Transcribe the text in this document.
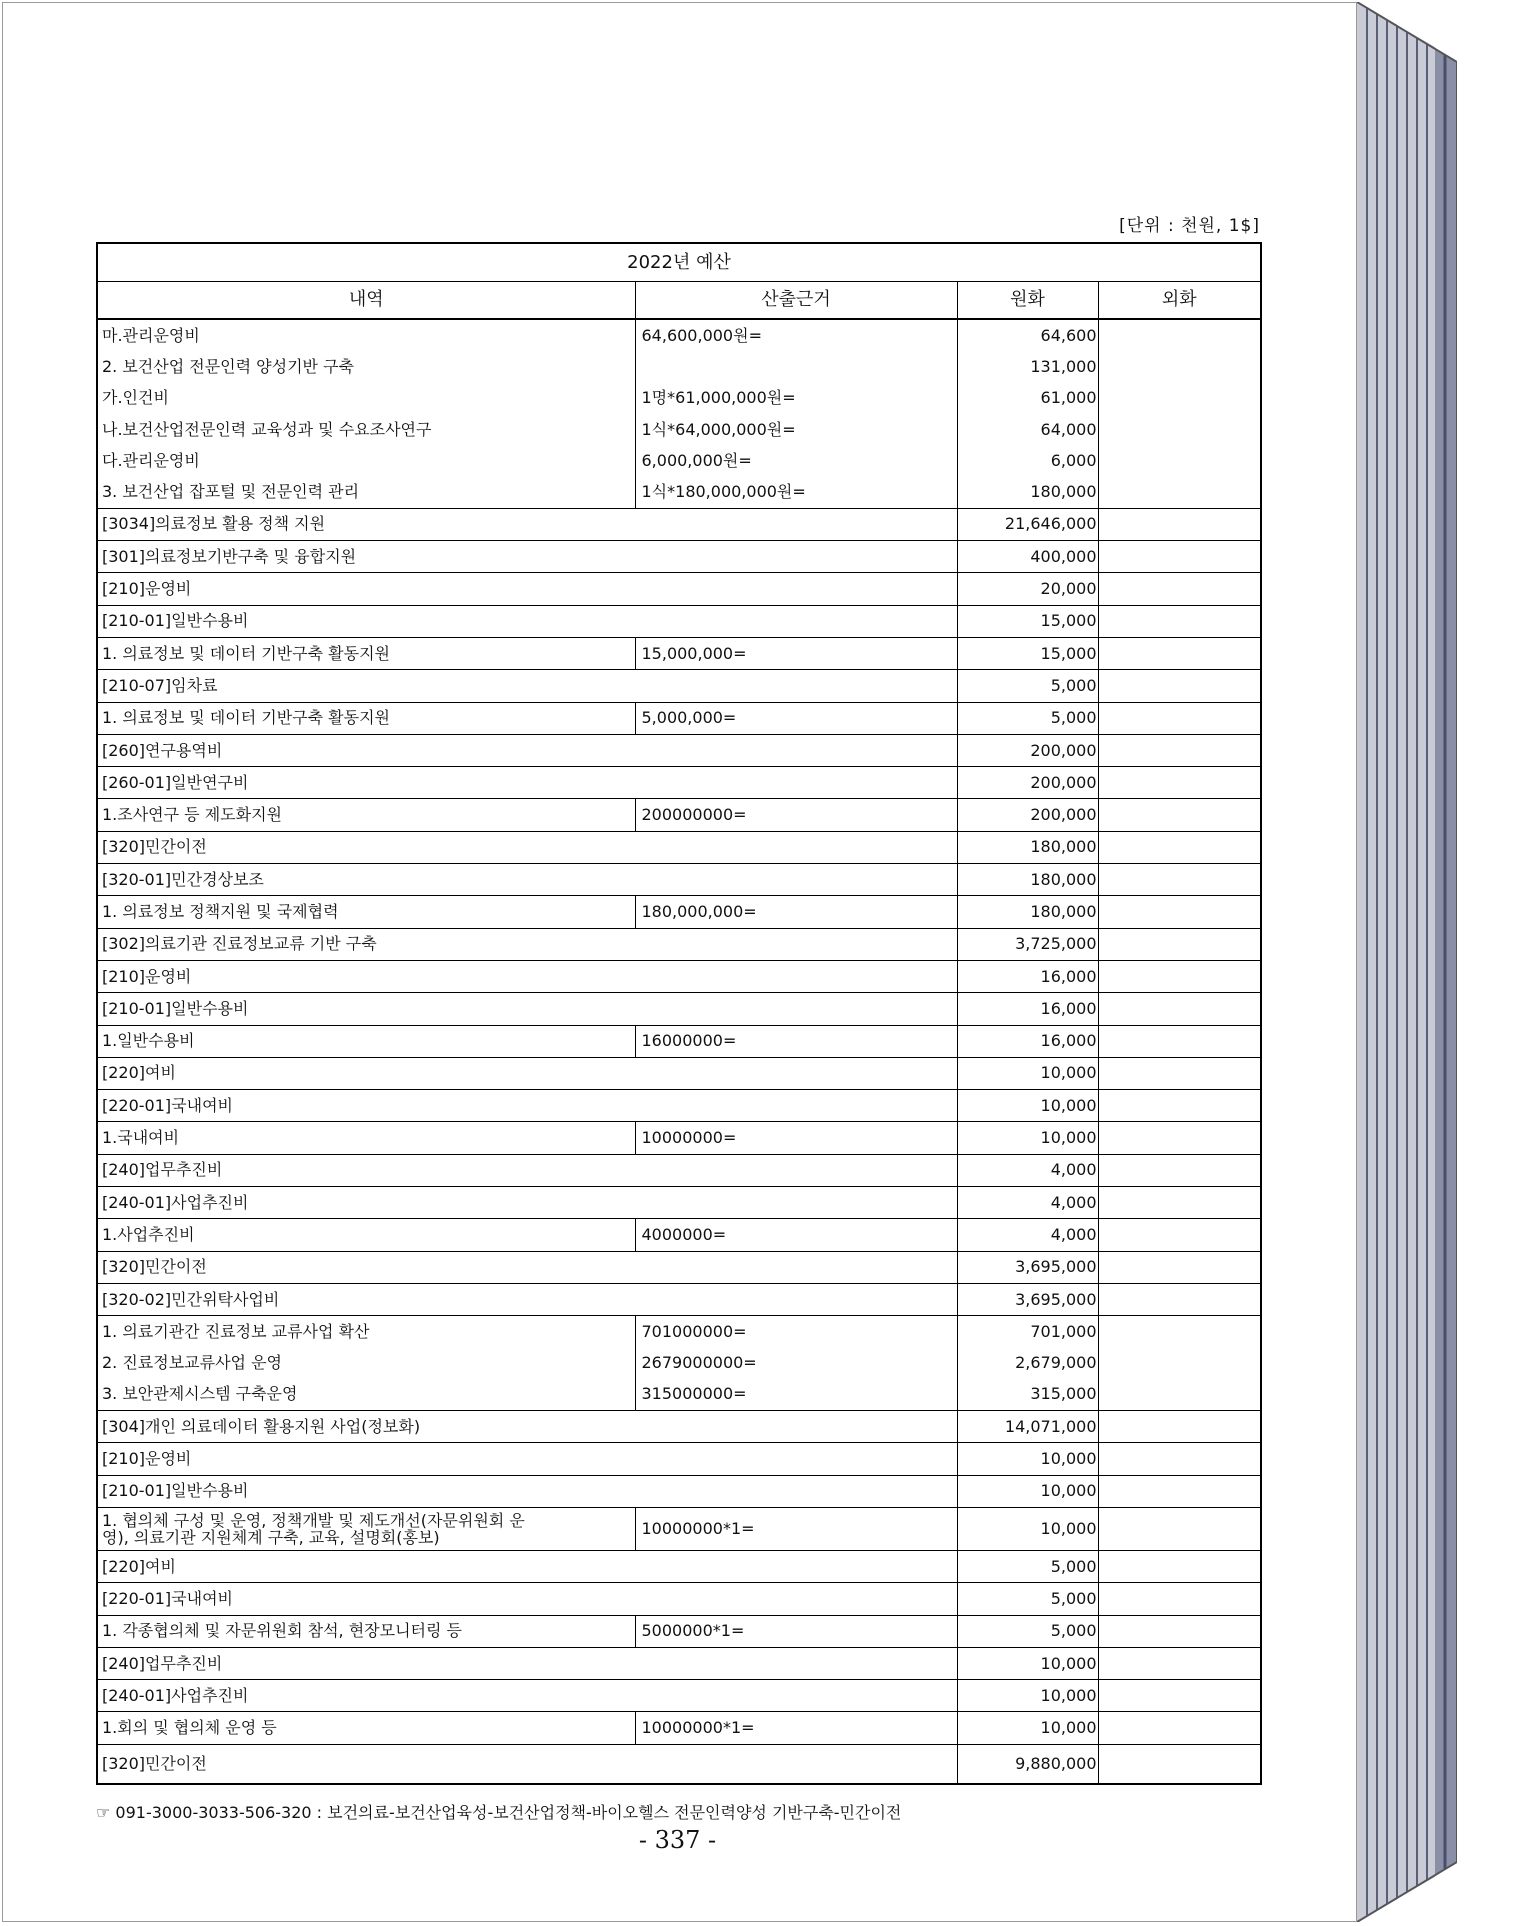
[단위 : 천원, 1$]
2022년 예산			
내역	산출근거	원화	외화
마.관리운영비	64,600,000원=	64,600	
2. 보건산업 전문인력 양성기반 구축		131,000	
가.인건비	1명*61,000,000원=	61,000	
나.보건산업전문인력 교육성과 및 수요조사연구	1식*64,000,000원=	64,000	
다.관리운영비	6,000,000원=	6,000	
3. 보건산업 잡포털 및 전문인력 관리	1식*180,000,000원=	180,000	
[3034]의료정보 활용 정책 지원		21,646,000	
[301]의료정보기반구축 및 융합지원		400,000	
[210]운영비		20,000	
[210-01]일반수용비		15,000	
1. 의료정보 및 데이터 기반구축 활동지원	15,000,000=	15,000	
[210-07]임차료		5,000	
1. 의료정보 및 데이터 기반구축 활동지원	5,000,000=	5,000	
[260]연구용역비		200,000	
[260-01]일반연구비		200,000	
1.조사연구 등 제도화지원	200000000=	200,000	
[320]민간이전		180,000	
[320-01]민간경상보조		180,000	
1. 의료정보 정책지원 및 국제협력	180,000,000=	180,000	
[302]의료기관 진료정보교류 기반 구축		3,725,000	
[210]운영비		16,000	
[210-01]일반수용비		16,000	
1.일반수용비	16000000=	16,000	
[220]여비		10,000	
[220-01]국내여비		10,000	
1.국내여비	10000000=	10,000	
[240]업무추진비		4,000	
[240-01]사업추진비		4,000	
1.사업추진비	4000000=	4,000	
[320]민간이전		3,695,000	
[320-02]민간위탁사업비		3,695,000	
1. 의료기관간 진료정보 교류사업 확산	701000000=	701,000	
2. 진료정보교류사업 운영	2679000000=	2,679,000	
3. 보안관제시스템 구축운영	315000000=	315,000	
[304]개인 의료데이터 활용지원 사업(정보화)		14,071,000	
[210]운영비		10,000	
[210-01]일반수용비		10,000	
1. 협의체 구성 및 운영, 정책개발 및 제도개선(자문위원회 운영), 의료기관 지원체계 구축, 교육, 설명회(홍보)	10000000*1=	10,000	
[220]여비		5,000	
[220-01]국내여비		5,000	
1. 각종협의체 및 자문위원회 참석, 현장모니터링 등	5000000*1=	5,000	
[240]업무추진비		10,000	
[240-01]사업추진비		10,000	
1.회의 및 협의체 운영 등	10000000*1=	10,000	
[320]민간이전		9,880,000	
☞ 091-3000-3033-506-320 : 보건의료-보건산업육성-보건산업정책-바이오헬스 전문인력양성 기반구축-민간이전
- 337 -
